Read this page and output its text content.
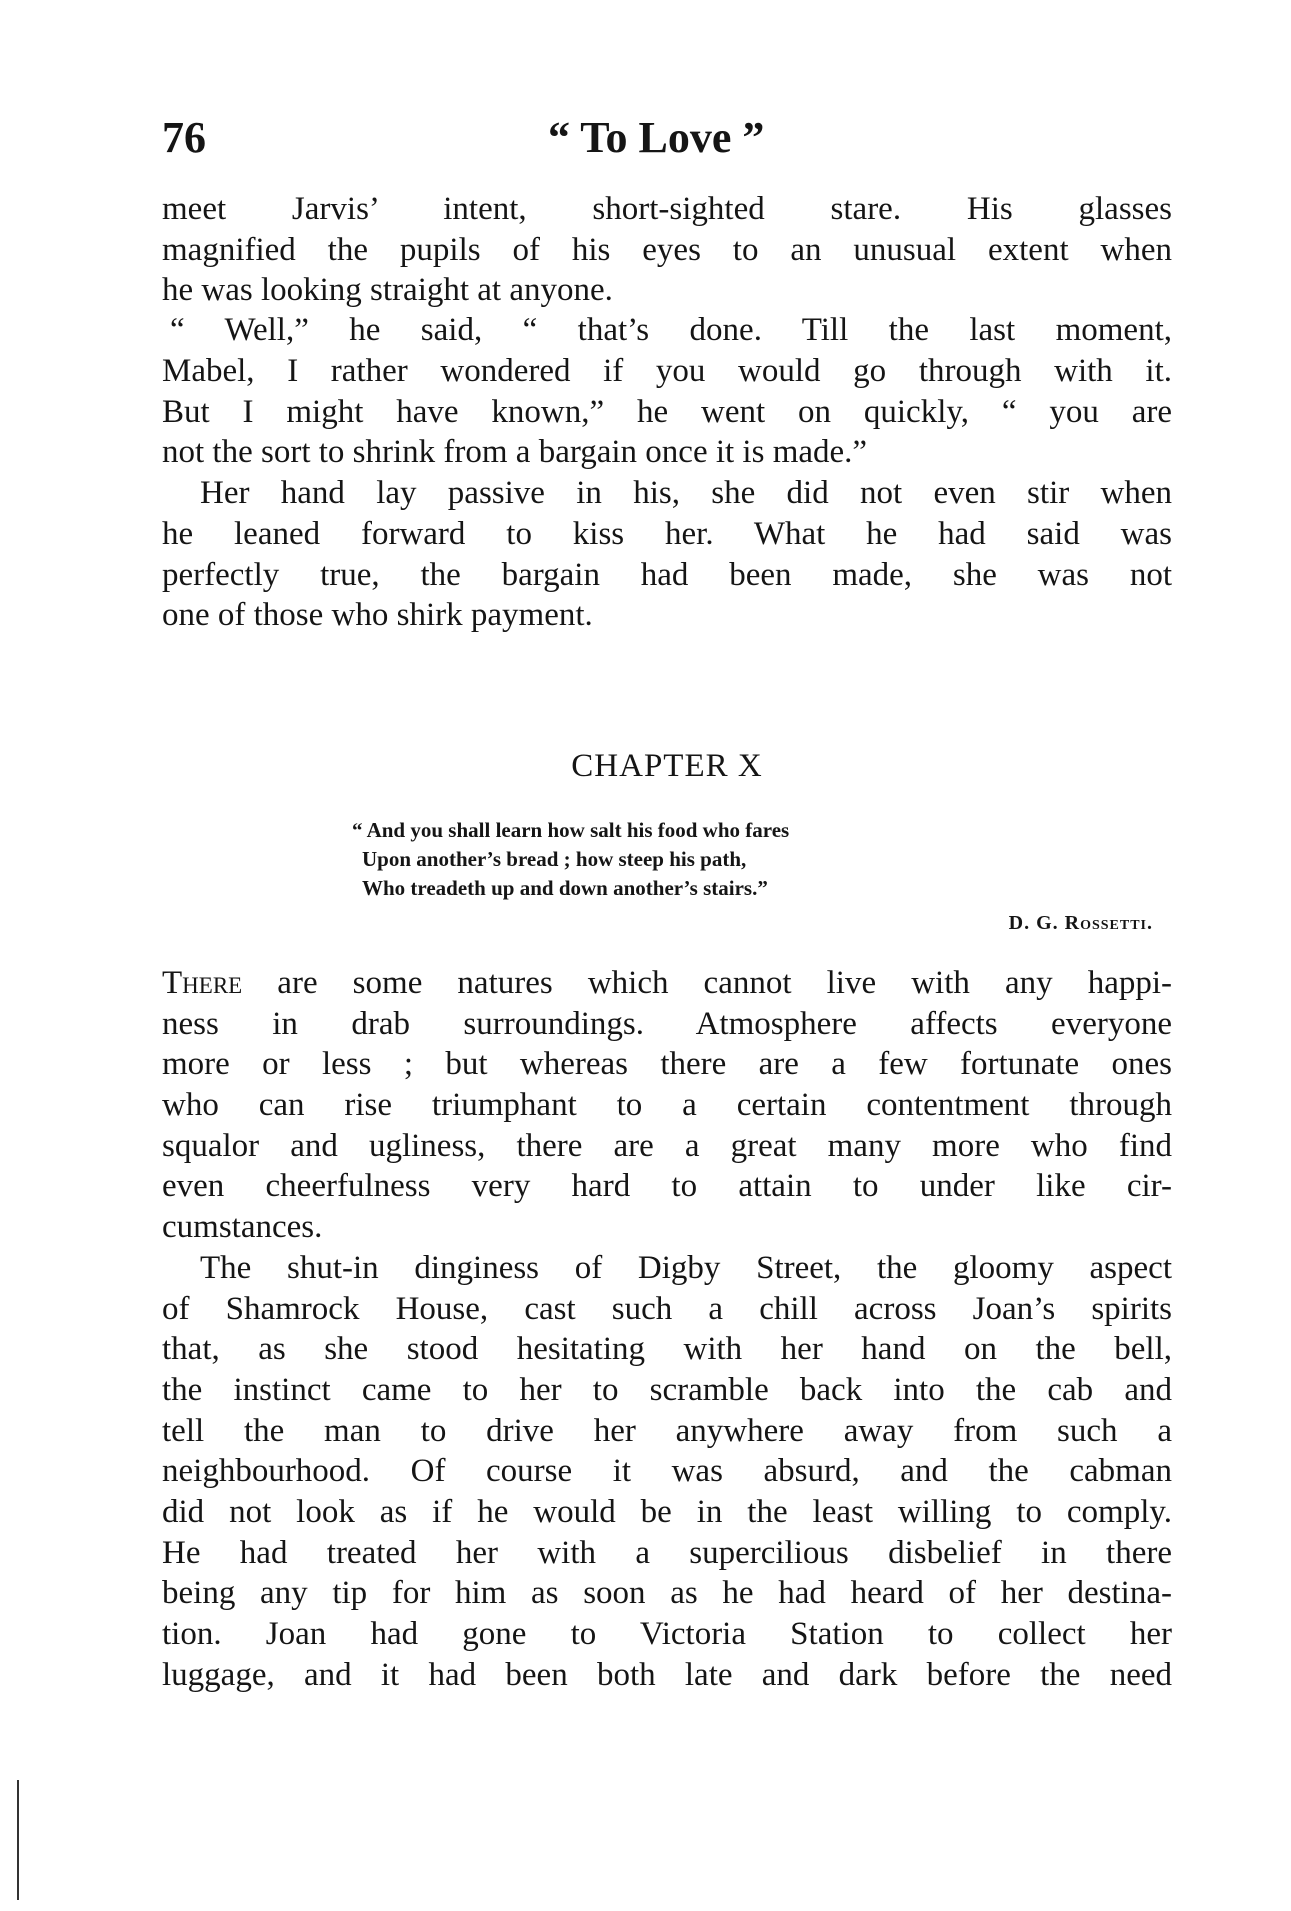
76	“ To Love ”
meet Jarvis’ intent, short-sighted stare. His glasses
magnified the pupils of his eyes to an unusual extent when
he was looking straight at anyone.
“ Well,” he said, “ that’s done. Till the last moment,
Mabel, I rather wondered if you would go through with it.
But I might have known,” he went on quickly, “ you are
not the sort to shrink from a bargain once it is made.”
Her hand lay passive in his, she did not even stir when
he leaned forward to kiss her. What he had said was
perfectly true, the bargain had been made, she was not
one of those who shirk payment.
CHAPTER X
“ And you shall learn how salt his food who fares
Upon another’s bread ; how steep his path,
Who treadeth up and down another’s stairs.”
D. G. Rossetti.
There are some natures which cannot live with any happi-
ness in drab surroundings. Atmosphere affects everyone
more or less ; but whereas there are a few fortunate ones
who can rise triumphant to a certain contentment through
squalor and ugliness, there are a great many more who find
even cheerfulness very hard to attain to under like cir-
cumstances.
The shut-in dinginess of Digby Street, the gloomy aspect
of Shamrock House, cast such a chill across Joan’s spirits
that, as she stood hesitating with her hand on the bell,
the instinct came to her to scramble back into the cab and
tell the man to drive her anywhere away from such a
neighbourhood. Of course it was absurd, and the cabman
did not look as if he would be in the least willing to comply.
He had treated her with a supercilious disbelief in there
being any tip for him as soon as he had heard of her destina-
tion. Joan had gone to Victoria Station to collect her
luggage, and it had been both late and dark before the need
